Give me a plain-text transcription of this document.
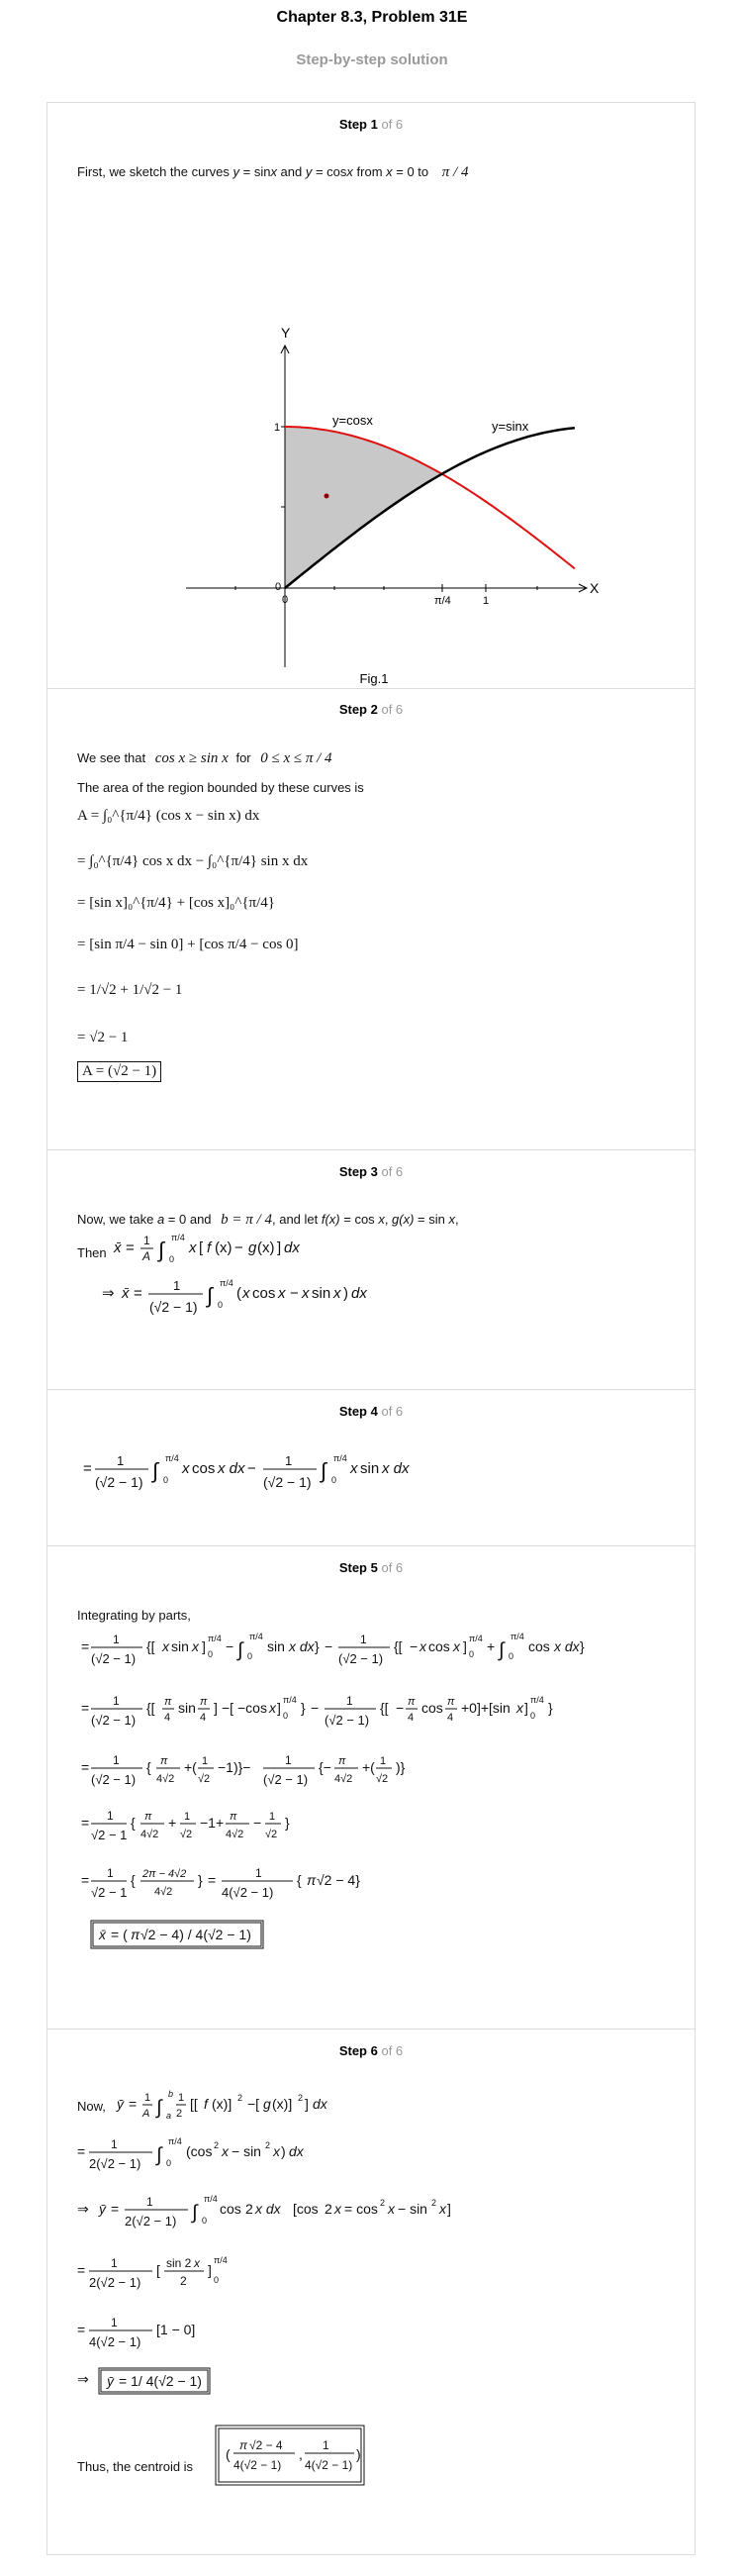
Chapter 8.3, Problem 31E
Step-by-step solution
Step 1 of 6
First, we sketch the curves y = sinx and y = cosx from x = 0 to π / 4
Y
X
y=cosx	y=sinx
1
0
0	π/4	1
Fig.1
Step 2 of 6
We see that cos x ≥ sin x for 0 ≤ x ≤ π / 4
The area of the region bounded by these curves is
A = ∫₀^{π/4} (cos x − sin x) dx
= ∫₀^{π/4} cos x dx − ∫₀^{π/4} sin x dx
= [sin x]₀^{π/4} + [cos x]₀^{π/4}
= [sin π/4 − sin 0] + [cos π/4 − cos 0]
= 1/√2 + 1/√2 − 1
= √2 − 1
A = (√2 − 1)
Step 3 of 6
Now, we take a = 0 and b = π / 4, and let f(x) = cos x, g(x) = sin x,
Then
Step 4 of 6
Step 5 of 6
Integrating by parts,
Step 6 of 6
Now,
Thus, the centroid is
x̄ = 1
A ∫ π/4
0
x [ f (x) − g (x) ] dx
⇒ x̄ = 1
(√2 − 1) ∫ π/4
0
( x cos x − x sin x ) dx
= 1
(√2 − 1) ∫ π/4
0
x cos x dx − 1
(√2 − 1) ∫ π/4
0
x sin x dx
= 1
(√2 − 1)
{[ x sin x ] π/4
0 − ∫
π/4
0
sin x dx } − 1
(√2 − 1)
{[ − x cos x ] π/4
0 + ∫
π/4
0
cos x dx }
= 1
(√2 − 1)
{[ π
4
sin π
4
] −[ −cos x ] π/4
0 } − 1
(√2 − 1)
{[ − π
4
cos π
4
+0]+[sin x ] π/4
0 }
= 1
(√2 − 1)
{ π
4√2
+( 1
√2
−1)}−	1
(√2 − 1)
{− π
4√2
+( 1
√2
)}
= 1
√2 − 1
{ π
4√2
+ 1
√2
−1+ π
4√2
− 1
√2
}
= 1
√2 − 1
{ 2π − 4√2
4√2
} =	1
4(√2 − 1)
{ π √2 − 4}
x̄ = ( π √2 − 4) / 4(√2 − 1)
ȳ = 1
A ∫
b
a
1
2
[[ f (x)] 2 −[ g (x)] 2 ] dx
= 1
2(√2 − 1) ∫
π/4
0
(cos 2 x − sin 2 x ) dx
⇒ ȳ = 1
2(√2 − 1) ∫
π/4
0
cos 2 x dx [cos 2 x = cos 2 x − sin 2 x ]
= 1
2(√2 − 1)
[ sin 2 x
2
]
π/4
0
= 1
4(√2 − 1)
[1 − 0]
⇒ ȳ = 1/ 4(√2 − 1)
(
π √2 − 4
4(√2 − 1)
,
1
4(√2 − 1)
)
